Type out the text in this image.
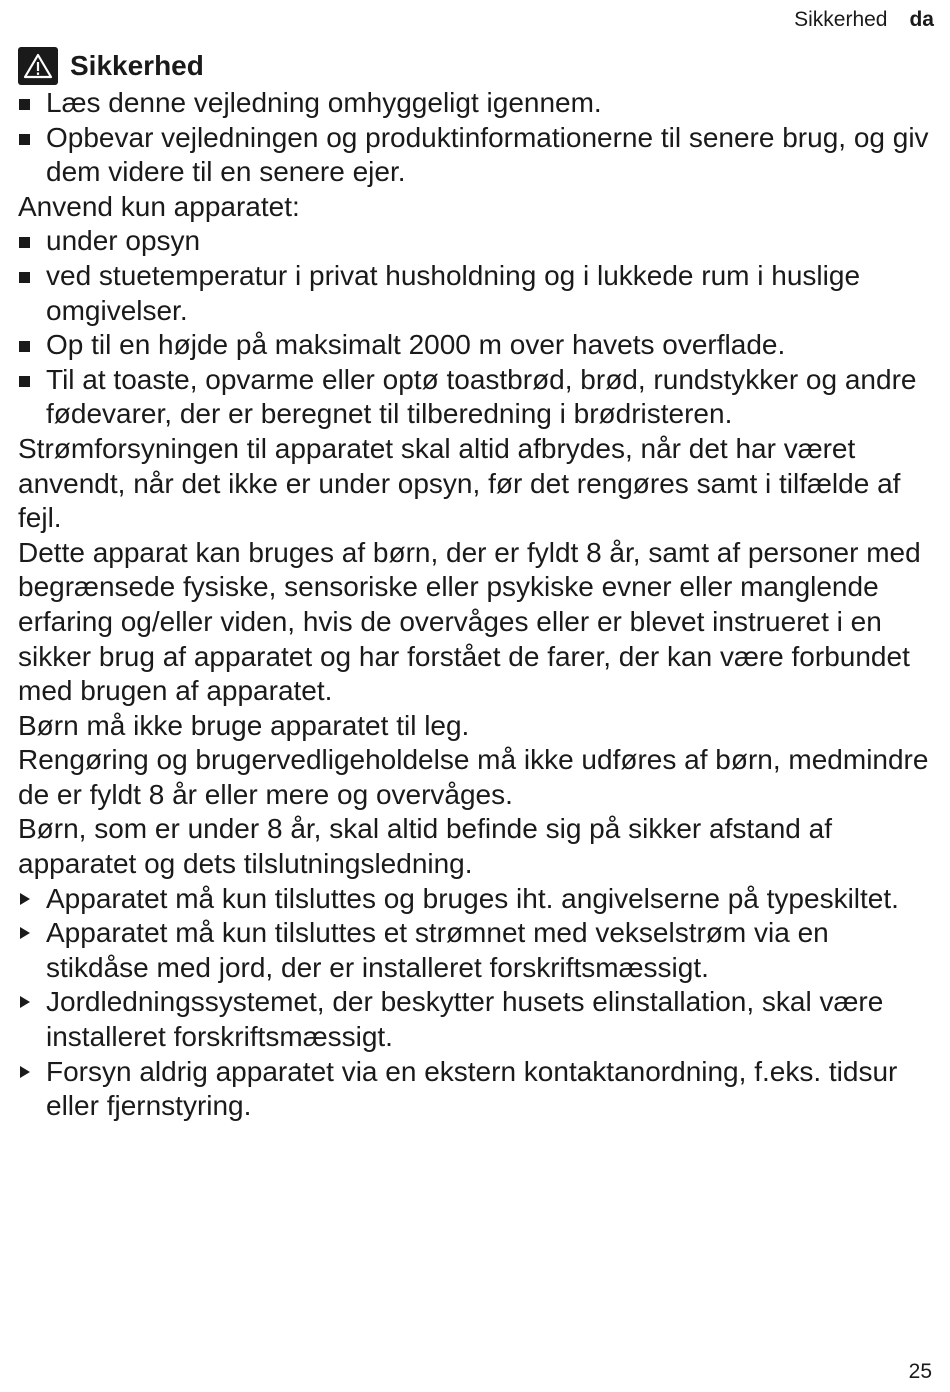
Sikkerhed da
Sikkerhed
Læs denne vejledning omhyggeligt igennem.
Opbevar vejledningen og produktinformationerne til senere brug, og giv dem videre til en senere ejer.

Anvend kun apparatet:

under opsyn
ved stuetemperatur i privat husholdning og i lukkede rum i huslige omgivelser.
Op til en højde på maksimalt 2000 m over havets overflade.
Til at toaste, opvarme eller optø toastbrød, brød, rundstykker og andre fødevarer, der er beregnet til tilberedning i brødristeren.

Strømforsyningen til apparatet skal altid afbrydes, når det har været anvendt, når det ikke er under opsyn, før det rengøres samt i tilfælde af fejl.

Dette apparat kan bruges af børn, der er fyldt 8 år, samt af personer med begrænsede fysiske, sensoriske eller psykiske evner eller manglende erfaring og/eller viden, hvis de overvåges eller er blevet instrueret i en sikker brug af apparatet og har forstået de farer, der kan være forbundet med brugen af apparatet.

Børn må ikke bruge apparatet til leg.

Rengøring og brugervedligeholdelse må ikke udføres af børn, medmindre de er fyldt 8 år eller mere og overvåges.

Børn, som er under 8 år, skal altid befinde sig på sikker afstand af apparatet og dets tilslutningsledning.

Apparatet må kun tilsluttes og bruges iht. angivelserne på typeskiltet.
Apparatet må kun tilsluttes et strømnet med vekselstrøm via en stikdåse med jord, der er installeret forskriftsmæssigt.
Jordledningssystemet, der beskytter husets elinstallation, skal være installeret forskriftsmæssigt.
Forsyn aldrig apparatet via en ekstern kontaktanordning, f.eks. tidsur eller fjernstyring.
25
